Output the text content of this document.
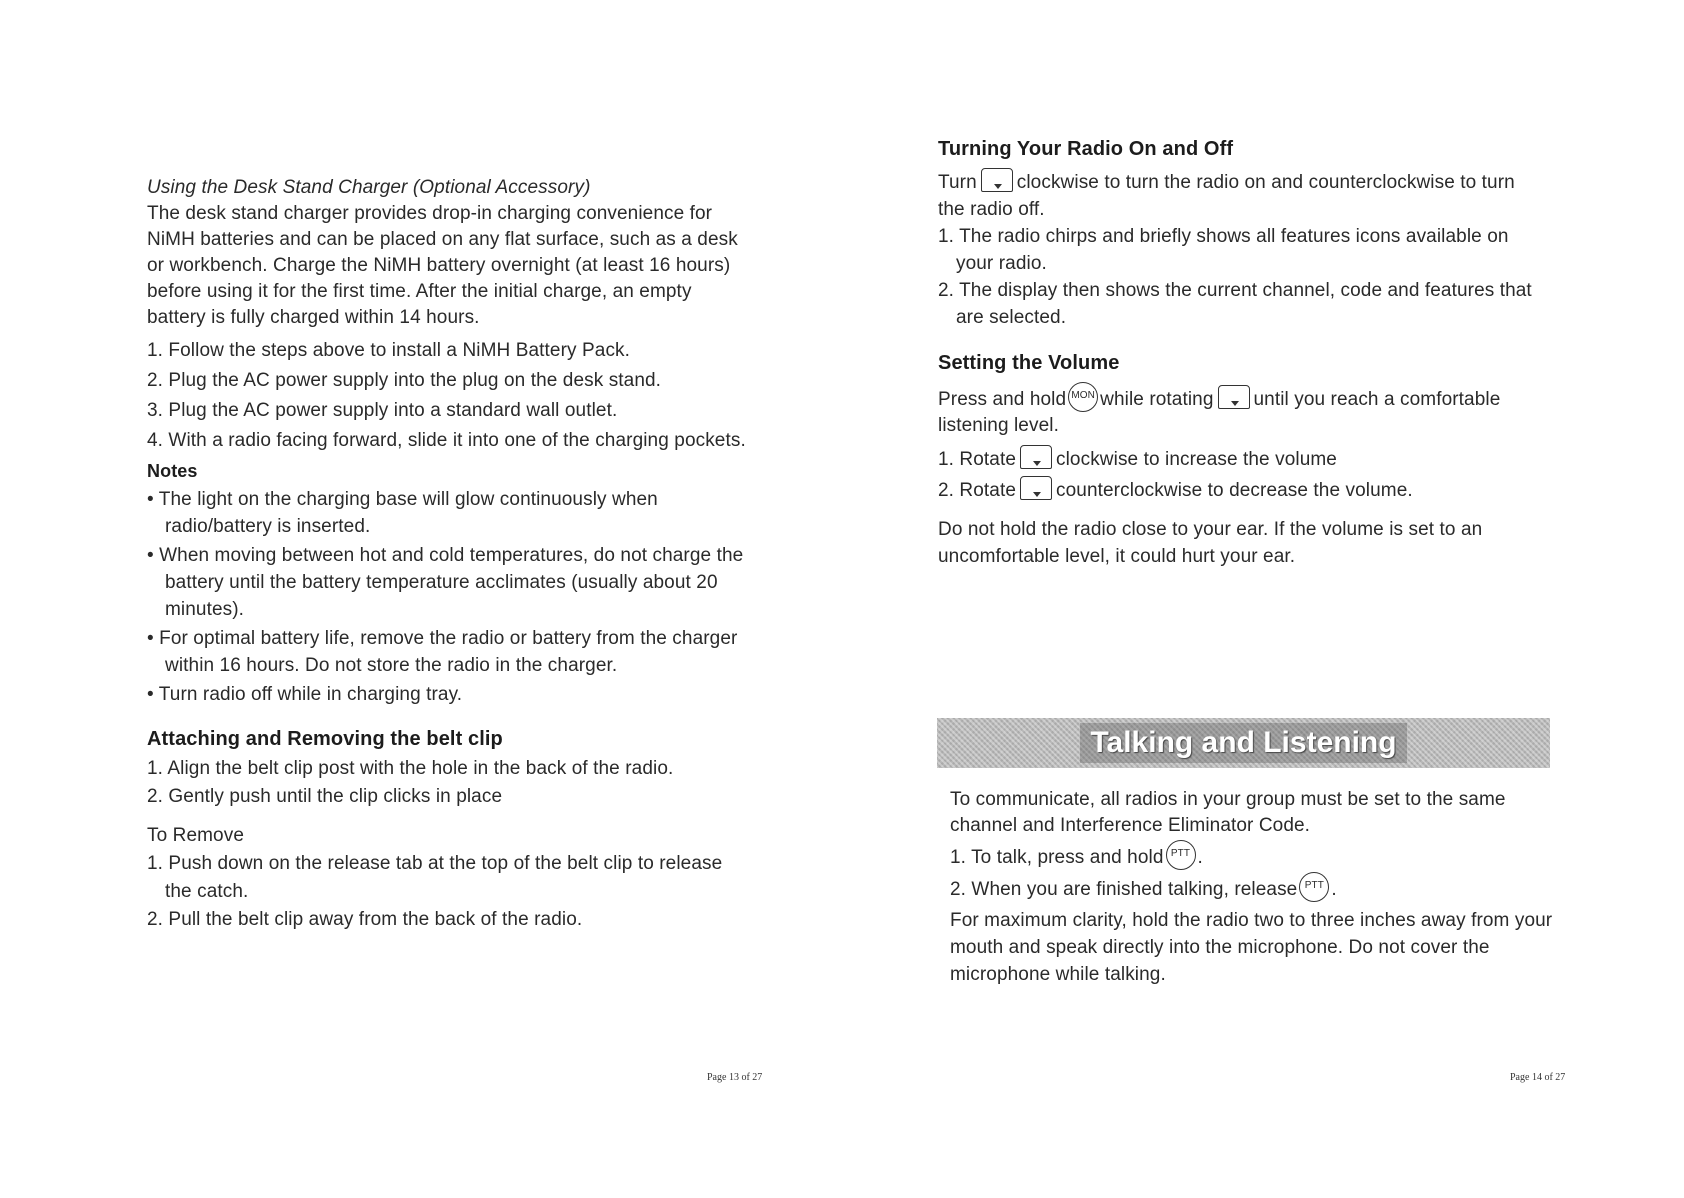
Using the Desk Stand Charger (Optional Accessory)
The desk stand charger provides drop-in charging convenience for
NiMH batteries and can be placed on any flat surface, such as a desk
or workbench. Charge the NiMH battery overnight (at least 16 hours)
before using it for the first time. After the initial charge, an empty
battery is fully charged within 14 hours.
1. Follow the steps above to install a NiMH Battery Pack.
2. Plug the AC power supply into the plug on the desk stand.
3. Plug the AC power supply into a standard wall outlet.
4. With a radio facing forward, slide it into one of the charging pockets.
Notes
• The light on the charging base will glow continuously when
radio/battery is inserted.
• When moving between hot and cold temperatures, do not charge the
battery until the battery temperature acclimates (usually about 20
minutes).
• For optimal battery life, remove the radio or battery from the charger
within 16 hours. Do not store the radio in the charger.
• Turn radio off while in charging tray.
Attaching and Removing the belt clip
1. Align the belt clip post with the hole in the back of the radio.
2. Gently push until the clip clicks in place
To Remove
1. Push down on the release tab at the top of the belt clip to release
the catch.
2. Pull the belt clip away from the back of the radio.
Page 13 of 27
Turning Your Radio On and Off
Turn clockwise to turn the radio on and counterclockwise to turn
the radio off.
1. The radio chirps and briefly shows all features icons available on
your radio.
2. The display then shows the current channel, code and features that
are selected.
Setting the Volume
Press and hold MON while rotating until you reach a comfortable
listening level.
1. Rotate clockwise to increase the volume
2. Rotate counterclockwise to decrease the volume.
Do not hold the radio close to your ear. If the volume is set to an
uncomfortable level, it could hurt your ear.
Talking and Listening
To communicate, all radios in your group must be set to the same
channel and Interference Eliminator Code.
1. To talk, press and hold PTT .
2. When you are finished talking, release PTT .
For maximum clarity, hold the radio two to three inches away from your
mouth and speak directly into the microphone. Do not cover the
microphone while talking.
Page 14 of 27
